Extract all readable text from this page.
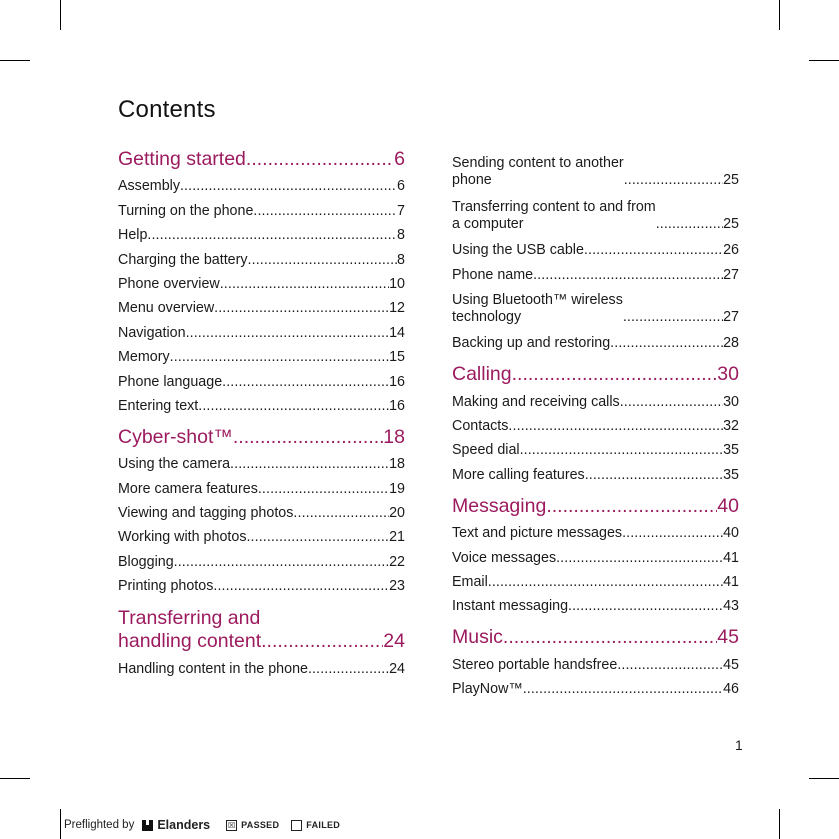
Contents
Getting started .....	6
Assembly .....	6
Turning on the phone .....	7
Help .....	8
Charging the battery .....	8
Phone overview .....	10
Menu overview .....	12
Navigation .....	14
Memory .....	15
Phone language .....	16
Entering text .....	16
Cyber-shot™ .....	18
Using the camera .....	18
More camera features .....	19
Viewing and tagging photos .....	20
Working with photos .....	21
Blogging .....	22
Printing photos .....	23
Transferring and
handling content .....	24
Handling content in the phone .....	24
Sending content to another
phone .....	25
Transferring content to and from
a computer .....	25
Using the USB cable .....	26
Phone name .....	27
Using Bluetooth™ wireless
technology .....	27
Backing up and restoring .....	28
Calling .....	30
Making and receiving calls .....	30
Contacts .....	32
Speed dial .....	35
More calling features .....	35
Messaging .....	40
Text and picture messages .....	40
Voice messages .....	41
Email .....	41
Instant messaging .....	43
Music .....	45
Stereo portable handsfree .....	45
PlayNow™ .....	46
1
Preflighted by Elanders ☒ PASSED	FAILED
